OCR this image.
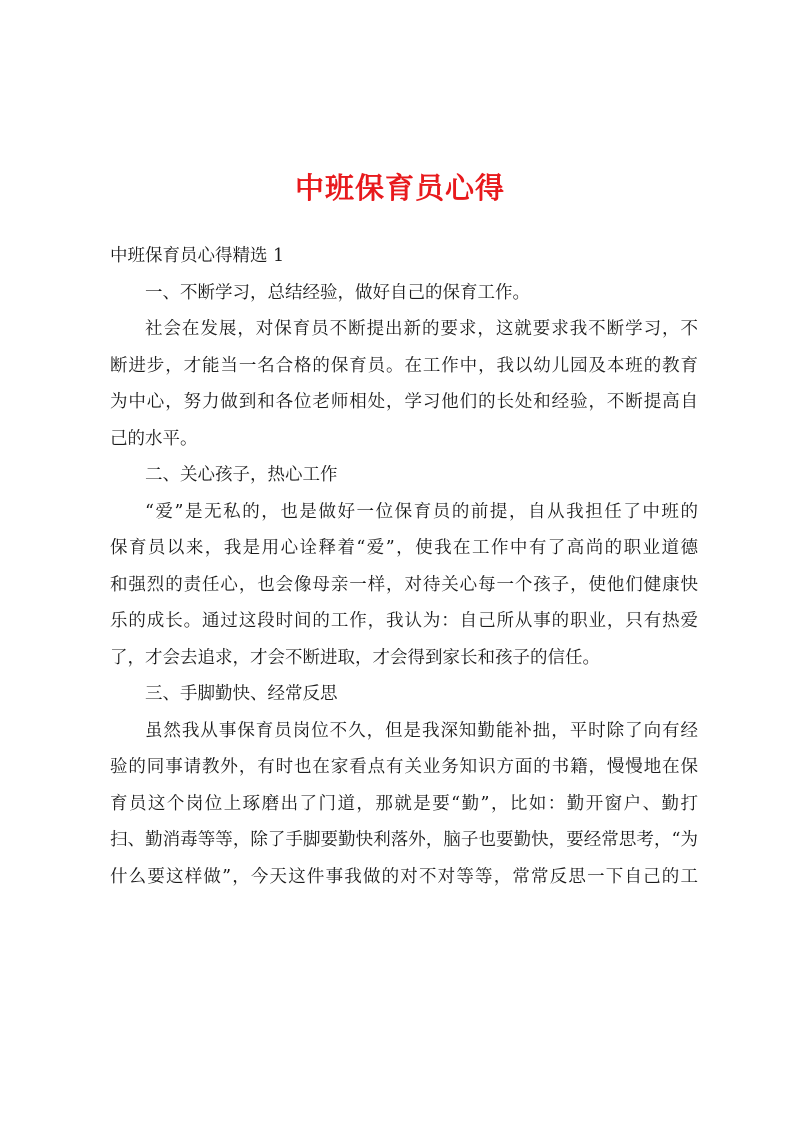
中班保育员心得
中班保育员心得精选 1
一、不断学习，总结经验，做好自己的保育工作。
社会在发展，对保育员不断提出新的要求，这就要求我不断学习，不
断进步，才能当一名合格的保育员。在工作中，我以幼儿园及本班的教育
为中心，努力做到和各位老师相处，学习他们的长处和经验，不断提高自
己的水平。
二、关心孩子，热心工作
“爱”是无私的，也是做好一位保育员的前提，自从我担任了中班的
保育员以来，我是用心诠释着“爱”，使我在工作中有了高尚的职业道德
和强烈的责任心，也会像母亲一样，对待关心每一个孩子，使他们健康快
乐的成长。通过这段时间的工作，我认为：自己所从事的职业，只有热爱
了，才会去追求，才会不断进取，才会得到家长和孩子的信任。
三、手脚勤快、经常反思
虽然我从事保育员岗位不久，但是我深知勤能补拙，平时除了向有经
验的同事请教外，有时也在家看点有关业务知识方面的书籍，慢慢地在保
育员这个岗位上琢磨出了门道，那就是要“勤”，比如：勤开窗户、勤打
扫、勤消毒等等，除了手脚要勤快利落外，脑子也要勤快，要经常思考，“为
什么要这样做”，今天这件事我做的对不对等等，常常反思一下自己的工
